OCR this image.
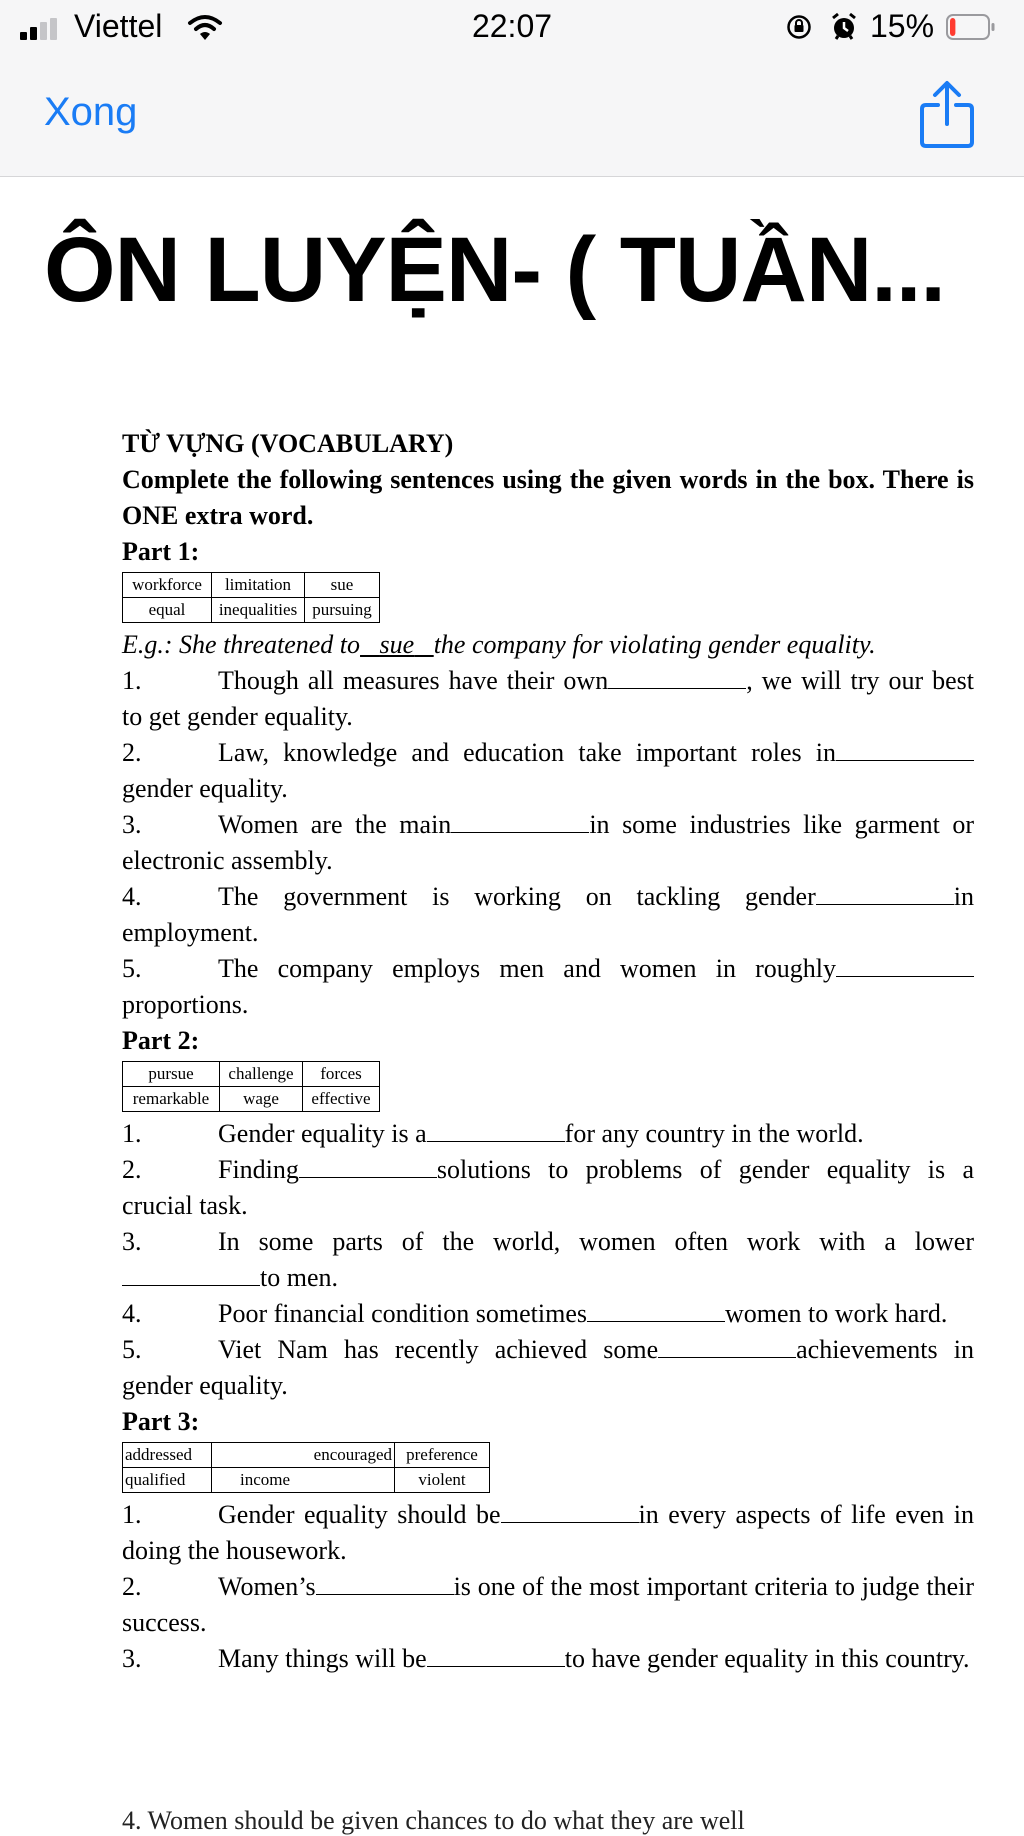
Viettel	22:07	15%
Xong
ÔN LUYỆN- ( TUẦN...
TỪ VỰNG (VOCABULARY)
Complete the following sentences using the given words in the box. There is ONE extra word.
Part 1:
workforce	limitation	sue
equal	inequalities	pursuing
E.g.: She threatened to sue the company for violating gender equality.
1.	Though all measures have their own	, we will try our best to get gender equality.
2.	Law, knowledge and education take important roles ingender equality.
3.	Women are the main	in some industries like garment or electronic assembly.
4.	The government is working on tackling gender	in employment.
5.	The company employs men and women in roughlyproportions.
Part 2:
pursue	challenge	forces
remarkable	wage	effective
1.	Gender equality is a	for any country in the world.
2.	Finding	solutions to problems of gender equality is a crucial task.
3.	In some parts of the world, women often work with a lowerto men.
4.	Poor financial condition sometimes	women to work hard.
5.	Viet Nam has recently achieved some	achievements in gender equality.
Part 3:
addressed	encouraged	preference
qualified	income	violent
1.	Gender equality should be	in every aspects of life even in doing the housework.
2.	Women’s	is one of the most important criteria to judge their success.
3.	Many things will be	to have gender equality in this country.
4. Women should be given chances to do what they are well
